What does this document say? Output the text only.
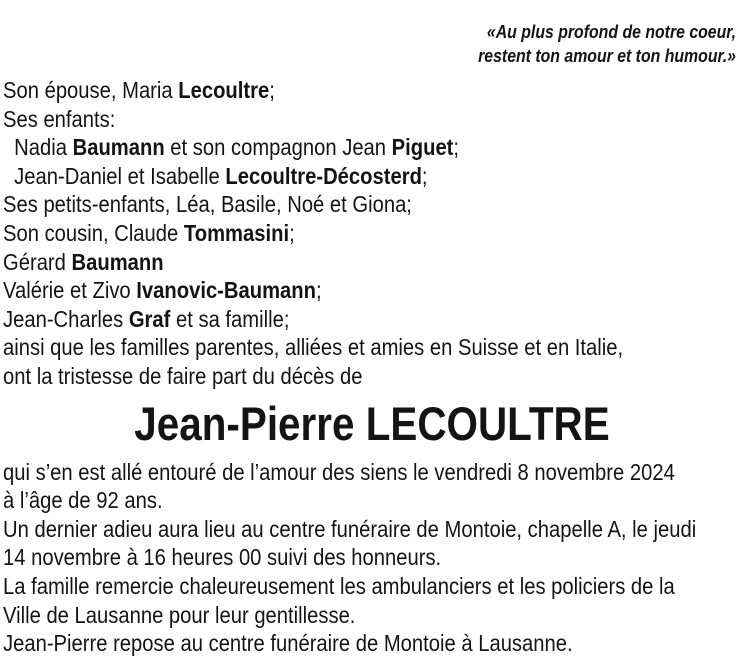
«Au plus profond de notre coeur,
restent ton amour et ton humour.»
Son épouse, Maria Lecoultre;
Ses enfants:
Nadia Baumann et son compagnon Jean Piguet;
Jean-Daniel et Isabelle Lecoultre-Décosterd;
Ses petits-enfants, Léa, Basile, Noé et Giona;
Son cousin, Claude Tommasini;
Gérard Baumann
Valérie et Zivo Ivanovic-Baumann;
Jean-Charles Graf et sa famille;
ainsi que les familles parentes, alliées et amies en Suisse et en Italie,
ont la tristesse de faire part du décès de
Jean-Pierre LECOULTRE
qui s’en est allé entouré de l’amour des siens le vendredi 8 novembre 2024
à l’âge de 92 ans.
Un dernier adieu aura lieu au centre funéraire de Montoie, chapelle A, le jeudi
14 novembre à 16 heures 00 suivi des honneurs.
La famille remercie chaleureusement les ambulanciers et les policiers de la
Ville de Lausanne pour leur gentillesse.
Jean-Pierre repose au centre funéraire de Montoie à Lausanne.
